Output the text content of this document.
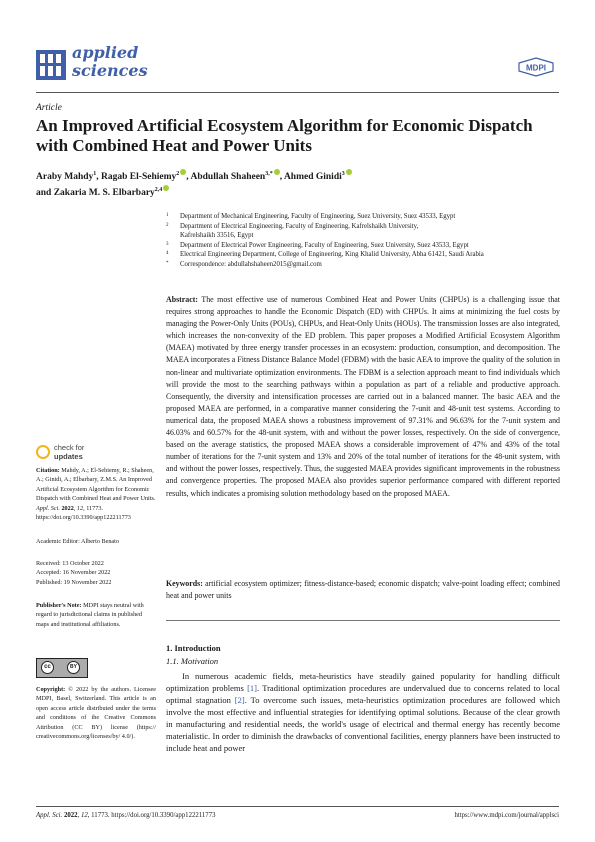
applied
sciences	MDPI
Article
An Improved Artificial Ecosystem Algorithm for Economic Dispatch with Combined Heat and Power Units
Araby Mahdy$^1$, Ragab El-Sehiemy$^2$ , Abdullah Shaheen$^{3,*}$ , Ahmed Ginidi$^3$
and Zakaria M. S. Elbarbary$^{2,4}$
1 Department of Mechanical Engineering, Faculty of Engineering, Suez University, Suez 43533, Egypt
2 Department of Electrical Engineering, Faculty of Engineering, Kafrelshaikh University,
Kafrelshaikh 33516, Egypt
3 Department of Electrical Power Engineering, Faculty of Engineering, Suez University, Suez 43533, Egypt
4 Electrical Engineering Department, College of Engineering, King Khalid University, Abha 61421, Saudi Arabia
* Correspondence: abdullahshaheen2015@gmail.com
Abstract: The most effective use of numerous Combined Heat and Power Units (CHPUs) is a challenging issue that requires strong approaches to handle the Economic Dispatch (ED) with CHPUs. It aims at minimizing the fuel costs by managing the Power-Only Units (POUs), CHPUs, and Heat-Only Units (HOUs). The transmission losses are also integrated, which increases the non-convexity of the ED problem. This paper proposes a Modified Artificial Ecosystem Algorithm (MAEA) motivated by three energy transfer processes in an ecosystem: production, consumption, and decomposition. The MAEA incorporates a Fitness Distance Balance Model (FDBM) with the basic AEA to improve the quality of the solution in non-linear and multivariate optimization environments. The FDBM is a selection approach meant to find individuals which will provide the most to the searching pathways within a population as part of a reliable and productive approach. Consequently, the diversity and intensification processes are carried out in a balanced manner. The basic AEA and the proposed MAEA are performed, in a comparative manner considering the 7-unit and 48-unit test systems. According to numerical data, the proposed MAEA shows a robustness improvement of 97.31% and 96.63% for the 7-unit system and 46.03% and 60.57% for the 48-unit system, with and without the power losses, respectively. On the side of convergence, based on the average statistics, the proposed MAEA shows a considerable improvement of 47% and 43% of the total number of iterations for the 7-unit system and 13% and 20% of the total number of iterations for the 48-unit system, with and without the power losses, respectively. Thus, the suggested MAEA provides significant improvements in the robustness and convergence properties. The proposed MAEA also provides superior performance compared with different reported results, which indicates a promising solution methodology based on the proposed MAEA.
Keywords: artificial ecosystem optimizer; fitness-distance-based; economic dispatch; valve-point loading effect; combined heat and power units
check for
updates
Citation: Mahdy, A.; El-Sehiemy, R.; Shaheen, A.; Ginidi, A.; Elbarbary, Z.M.S. An Improved Artificial Ecosystem Algorithm for Economic Dispatch with Combined Heat and Power Units. Appl. Sci. 2022, 12, 11773. https://doi.org/10.3390/app122211773
Academic Editor: Alberto Benato
Received: 13 October 2022
Accepted: 16 November 2022
Published: 19 November 2022
Publisher's Note: MDPI stays neutral with regard to jurisdictional claims in published maps and institutional affiliations.
cc	BY
Copyright: © 2022 by the authors. Licensee MDPI, Basel, Switzerland. This article is an open access article distributed under the terms and conditions of the Creative Commons Attribution (CC BY) license (https:// creativecommons.org/licenses/by/ 4.0/).
1. Introduction
1.1. Motivation

In numerous academic fields, meta-heuristics have steadily gained popularity for handling difficult optimization problems [1]. Traditional optimization procedures are undervalued due to concerns related to local optimal stagnation [2]. To overcome such issues, meta-heuristics optimization procedures are followed which involve the most effective and influential strategies for identifying optimal solutions. Because of the clear growth in manufacturing and residential needs, the world's usage of electrical and thermal energy has recently become materialistic. In order to diminish the drawbacks of conventional facilities, energy planners have been instructed to include heat and power

Appl. Sci. 2022, 12, 11773. https://doi.org/10.3390/app122211773	https://www.mdpi.com/journal/applsci
